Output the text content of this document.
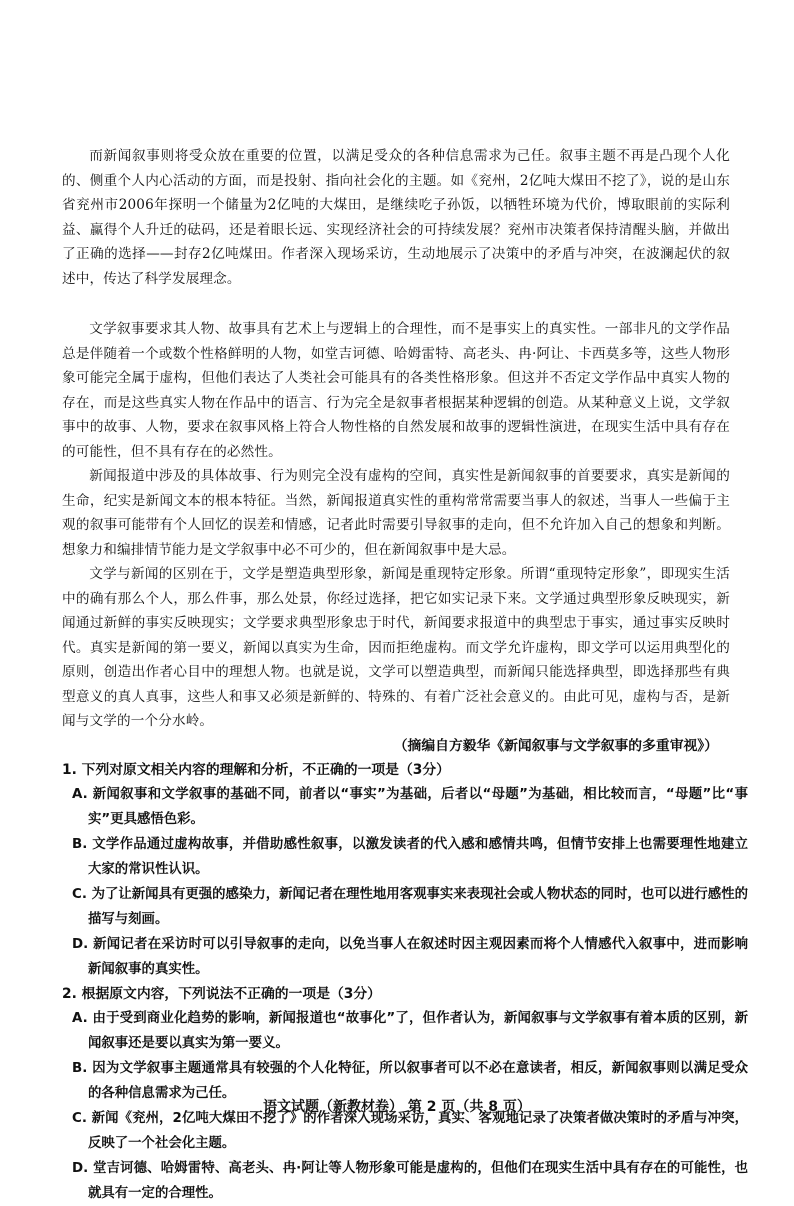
而新闻叙事则将受众放在重要的位置，以满足受众的各种信息需求为己任。叙事主题不再是凸现个人化的、侧重个人内心活动的方面，而是投射、指向社会化的主题。如《兖州，2亿吨大煤田不挖了》，说的是山东省兖州市2006年探明一个储量为2亿吨的大煤田，是继续吃子孙饭，以牺牲环境为代价，博取眼前的实际利益、赢得个人升迁的砝码，还是着眼长远、实现经济社会的可持续发展？兖州市决策者保持清醒头脑，并做出了正确的选择——封存2亿吨煤田。作者深入现场采访，生动地展示了决策中的矛盾与冲突，在波澜起伏的叙述中，传达了科学发展理念。

文学叙事要求其人物、故事具有艺术上与逻辑上的合理性，而不是事实上的真实性。一部非凡的文学作品总是伴随着一个或数个性格鲜明的人物，如堂吉诃德、哈姆雷特、高老头、冉·阿让、卡西莫多等，这些人物形象可能完全属于虚构，但他们表达了人类社会可能具有的各类性格形象。但这并不否定文学作品中真实人物的存在，而是这些真实人物在作品中的语言、行为完全是叙事者根据某种逻辑的创造。从某种意义上说，文学叙事中的故事、人物，要求在叙事风格上符合人物性格的自然发展和故事的逻辑性演进，在现实生活中具有存在的可能性，但不具有存在的必然性。

新闻报道中涉及的具体故事、行为则完全没有虚构的空间，真实性是新闻叙事的首要要求，真实是新闻的生命，纪实是新闻文本的根本特征。当然，新闻报道真实性的重构常常需要当事人的叙述，当事人一些偏于主观的叙事可能带有个人回忆的误差和情感，记者此时需要引导叙事的走向，但不允许加入自己的想象和判断。想象力和编排情节能力是文学叙事中必不可少的，但在新闻叙事中是大忌。

文学与新闻的区别在于，文学是塑造典型形象，新闻是重现特定形象。所谓“重现特定形象”，即现实生活中的确有那么个人，那么件事，那么处景，你经过选择，把它如实记录下来。文学通过典型形象反映现实，新闻通过新鲜的事实反映现实；文学要求典型形象忠于时代，新闻要求报道中的典型忠于事实，通过事实反映时代。真实是新闻的第一要义，新闻以真实为生命，因而拒绝虚构。而文学允许虚构，即文学可以运用典型化的原则，创造出作者心目中的理想人物。也就是说，文学可以塑造典型，而新闻只能选择典型，即选择那些有典型意义的真人真事，这些人和事又必须是新鲜的、特殊的、有着广泛社会意义的。由此可见，虚构与否，是新闻与文学的一个分水岭。

（摘编自方毅华《新闻叙事与文学叙事的多重审视》）

1. 下列对原文相关内容的理解和分析，不正确的一项是（3分）

A. 新闻叙事和文学叙事的基础不同，前者以“事实”为基础，后者以“母题”为基础，相比较而言，“母题”比“事实”更具感悟色彩。

B. 文学作品通过虚构故事，并借助感性叙事，以激发读者的代入感和感情共鸣，但情节安排上也需要理性地建立大家的常识性认识。

C. 为了让新闻具有更强的感染力，新闻记者在理性地用客观事实来表现社会或人物状态的同时，也可以进行感性的描写与刻画。

D. 新闻记者在采访时可以引导叙事的走向，以免当事人在叙述时因主观因素而将个人情感代入叙事中，进而影响新闻叙事的真实性。

2. 根据原文内容，下列说法不正确的一项是（3分）

A. 由于受到商业化趋势的影响，新闻报道也“故事化”了，但作者认为，新闻叙事与文学叙事有着本质的区别，新闻叙事还是要以真实为第一要义。

B. 因为文学叙事主题通常具有较强的个人化特征，所以叙事者可以不必在意读者，相反，新闻叙事则以满足受众的各种信息需求为己任。

C. 新闻《兖州，2亿吨大煤田不挖了》的作者深入现场采访，真实、客观地记录了决策者做决策时的矛盾与冲突，反映了一个社会化主题。

D. 堂吉诃德、哈姆雷特、高老头、冉·阿让等人物形象可能是虚构的，但他们在现实生活中具有存在的可能性，也就具有一定的合理性。

语文试题（新教材卷） 第 2 页（共 8 页）
